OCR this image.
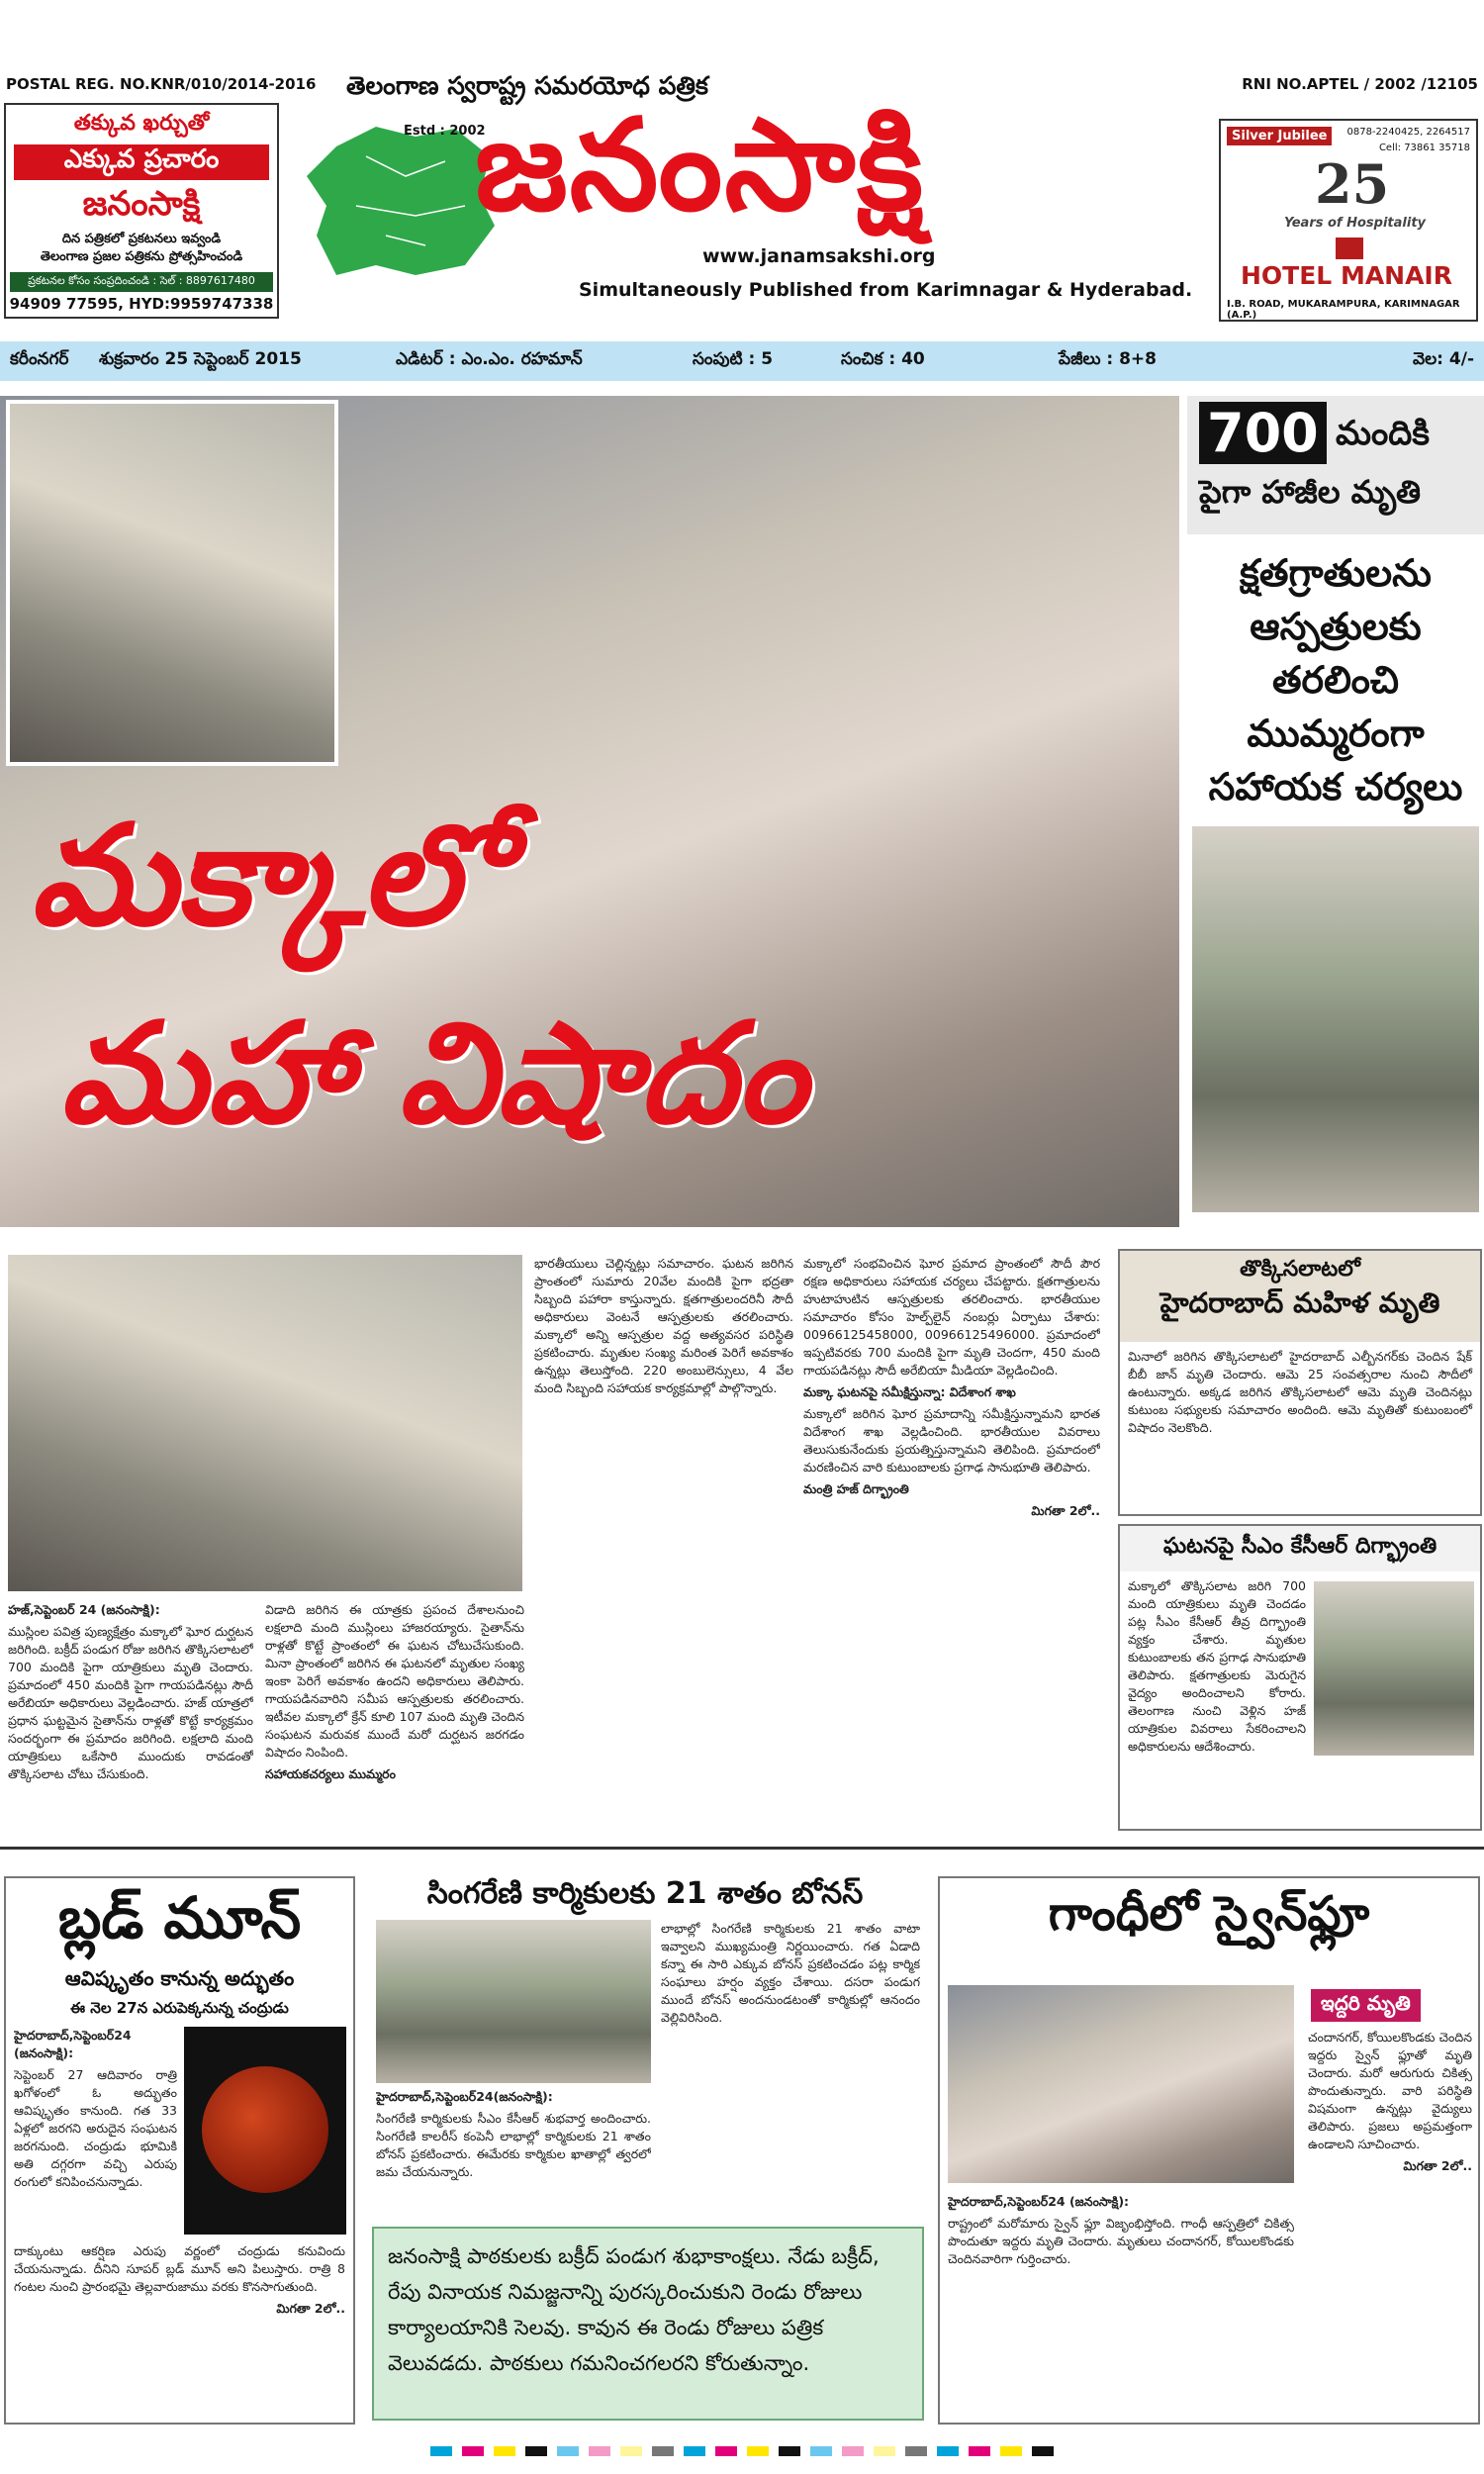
POSTAL REG. NO.KNR/010/2014-2016	RNI NO.APTEL / 2002 /12105
తక్కువ ఖర్చుతో
ఎక్కువ ప్రచారం
జనంసాక్షి
దిన పత్రికలో ప్రకటనలు ఇవ్వండి
తెలంగాణ ప్రజల పత్రికను ప్రోత్సహించండి
ప్రకటనల కోసం సంప్రదించండి : సెల్ : 8897617480
94909 77595, HYD:9959747338
తెలంగాణ స్వరాష్ట్ర సమరయోధ పత్రిక
Estd : 2002
జనంసాక్షి
www.janamsakshi.org
Simultaneously Published from Karimnagar & Hyderabad.
Silver Jubilee	0878-2240425, 2264517
Cell: 73861 35718
25
Years of Hospitality
HOTEL MANAIR
I.B. ROAD, MUKARAMPURA, KARIMNAGAR (A.P.)
కరీంనగర్	శుక్రవారం 25 సెప్టెంబర్ 2015	ఎడిటర్ : ఎం.ఎం. రహమాన్	సంపుటి : 5	సంచిక : 40	పేజీలు : 8+8	వెల: 4/-
మక్కాలో
మహా విషాదం
700 మందికి
పైగా హాజీల మృతి
క్షతగ్రాతులను ఆస్పత్రులకు తరలించి ముమ్మరంగా సహాయక చర్యలు

హజ్,సెప్టెంబర్ 24 (జనంసాక్షి):

ముస్లింల పవిత్ర పుణ్యక్షేత్రం మక్కాలో ఘోర దుర్ఘటన జరిగింది. బక్రీద్ పండుగ రోజు జరిగిన తొక్కిసలాటలో 700 మందికి పైగా యాత్రికులు మృతి చెందారు. ప్రమాదంలో 450 మందికి పైగా గాయపడినట్లు సౌదీ అరేబియా అధికారులు వెల్లడించారు. హజ్ యాత్రలో ప్రధాన ఘట్టమైన సైతాన్‌ను రాళ్లతో కొట్టే కార్యక్రమం సందర్భంగా ఈ ప్రమాదం జరిగింది. లక్షలాది మంది యాత్రికులు ఒకేసారి ముందుకు రావడంతో తొక్కిసలాట చోటు చేసుకుంది.

విడాది జరిగిన ఈ యాత్రకు ప్రపంచ దేశాలనుంచి లక్షలాది మంది ముస్లింలు హాజరయ్యారు. సైతాన్‌ను రాళ్లతో కొట్టే ప్రాంతంలో ఈ ఘటన చోటుచేసుకుంది. మినా ప్రాంతంలో జరిగిన ఈ ఘటనలో మృతుల సంఖ్య ఇంకా పెరిగే అవకాశం ఉందని అధికారులు తెలిపారు. గాయపడినవారిని సమీప ఆస్పత్రులకు తరలించారు. ఇటీవల మక్కాలో క్రేన్ కూలి 107 మంది మృతి చెందిన సంఘటన మరువక ముందే మరో దుర్ఘటన జరగడం విషాదం నింపింది.

సహాయకచర్యలు ముమ్మరం

భారతీయులు చెల్లిన్నట్లు సమాచారం. ఘటన జరిగిన ప్రాంతంలో సుమారు 20వేల మందికి పైగా భద్రతా సిబ్బంది పహారా కాస్తున్నారు. క్షతగాత్రులందరినీ సౌదీ అధికారులు వెంటనే ఆస్పత్రులకు తరలించారు. మక్కాలో అన్ని ఆస్పత్రుల వద్ద అత్యవసర పరిస్థితి ప్రకటించారు. మృతుల సంఖ్య మరింత పెరిగే అవకాశం ఉన్నట్లు తెలుస్తోంది. 220 అంబులెన్సులు, 4 వేల మంది సిబ్బంది సహాయక కార్యక్రమాల్లో పాల్గొన్నారు.

మక్కాలో సంభవించిన ఘోర ప్రమాద ప్రాంతంలో సౌదీ పౌర రక్షణ అధికారులు సహాయక చర్యలు చేపట్టారు. క్షతగాత్రులను హుటాహుటిన ఆస్పత్రులకు తరలించారు. భారతీయుల సమాచారం కోసం హెల్ప్‌లైన్ నంబర్లు ఏర్పాటు చేశారు: 00966125458000, 00966125496000. ప్రమాదంలో ఇప్పటివరకు 700 మందికి పైగా మృతి చెందగా, 450 మంది గాయపడినట్లు సౌదీ అరేబియా మీడియా వెల్లడించింది.

మక్కా ఘటనపై సమీక్షిస్తున్నా: విదేశాంగ శాఖ

మక్కాలో జరిగిన ఘోర ప్రమాదాన్ని సమీక్షిస్తున్నామని భారత విదేశాంగ శాఖ వెల్లడించింది. భారతీయుల వివరాలు తెలుసుకునేందుకు ప్రయత్నిస్తున్నామని తెలిపింది. ప్రమాదంలో మరణించిన వారి కుటుంబాలకు ప్రగాఢ సానుభూతి తెలిపారు.

మంత్రి హజ్ దిగ్భ్రాంతి

మిగతా 2లో..

తొక్కిసలాటలో
హైదరాబాద్ మహిళ మృతి
మినాలో జరిగిన తొక్కిసలాటలో హైదరాబాద్ ఎల్బీనగర్‌కు చెందిన షేక్ బీబీ జాన్ మృతి చెందారు. ఆమె 25 సంవత్సరాల నుంచి సౌదీలో ఉంటున్నారు. అక్కడ జరిగిన తొక్కిసలాటలో ఆమె మృతి చెందినట్లు కుటుంబ సభ్యులకు సమాచారం అందింది. ఆమె మృతితో కుటుంబంలో విషాదం నెలకొంది.
ఘటనపై సీఎం కేసీఆర్ దిగ్భ్రాంతి
మక్కాలో తొక్కిసలాట జరిగి 700 మంది యాత్రికులు మృతి చెందడం పట్ల సీఎం కేసీఆర్ తీవ్ర దిగ్భ్రాంతి వ్యక్తం చేశారు. మృతుల కుటుంబాలకు తన ప్రగాఢ సానుభూతి తెలిపారు. క్షతగాత్రులకు మెరుగైన వైద్యం అందించాలని కోరారు. తెలంగాణ నుంచి వెళ్లిన హజ్ యాత్రికుల వివరాలు సేకరించాలని అధికారులను ఆదేశించారు.
బ్లడ్ మూన్
ఆవిష్కృతం కానున్న అద్భుతం
ఈ నెల 27న ఎరుపెక్కనున్న చంద్రుడు

హైదరాబాద్,సెప్టెంబర్24 (జనంసాక్షి):

సెప్టెంబర్ 27 ఆదివారం రాత్రి ఖగోళంలో ఓ అద్భుతం ఆవిష్కృతం కానుంది. గత 33 ఏళ్లలో జరగని అరుదైన సంఘటన జరగనుంది. చంద్రుడు భూమికి అతి దగ్గరగా వచ్చి ఎరుపు రంగులో కనిపించనున్నాడు.

దాక్కుంటు ఆకర్షిణ ఎరుపు వర్ణంలో చంద్రుడు కనువిందు చేయనున్నాడు. దీనిని సూపర్ బ్లడ్ మూన్ అని పిలుస్తారు. రాత్రి 8 గంటల నుంచి ప్రారంభమై తెల్లవారుజాము వరకు కొనసాగుతుంది.

మిగతా 2లో..

సింగరేణి కార్మికులకు 21 శాతం బోనస్

హైదరాబాద్,సెప్టెంబర్24(జనంసాక్షి):

సింగరేణి కార్మికులకు సీఎం కేసీఆర్ శుభవార్త అందించారు. సింగరేణి కాలరీస్ కంపెనీ లాభాల్లో కార్మికులకు 21 శాతం బోనస్ ప్రకటించారు. ఈమేరకు కార్మికుల ఖాతాల్లో త్వరలో జమ చేయనున్నారు.

లాభాల్లో సింగరేణి కార్మికులకు 21 శాతం వాటా ఇవ్వాలని ముఖ్యమంత్రి నిర్ణయించారు. గత ఏడాది కన్నా ఈ సారి ఎక్కువ బోనస్ ప్రకటించడం పట్ల కార్మిక సంఘాలు హర్షం వ్యక్తం చేశాయి. దసరా పండుగ ముందే బోనస్ అందనుండటంతో కార్మికుల్లో ఆనందం వెల్లివిరిసింది.

జనంసాక్షి పాఠకులకు బక్రీద్ పండుగ శుభాకాంక్షలు. నేడు బక్రీద్, రేపు వినాయక నిమజ్జనాన్ని పురస్కరించుకుని రెండు రోజులు కార్యాలయానికి సెలవు. కావున ఈ రెండు రోజులు పత్రిక వెలువడదు. పాఠకులు గమనించగలరని కోరుతున్నాం.
గాంధీలో స్వైన్‌ఫ్లూ
ఇద్దరి మృతి

చందానగర్, కోయిలకొండకు చెందిన ఇద్దరు స్వైన్ ఫ్లూతో మృతి చెందారు. మరో ఆరుగురు చికిత్స పొందుతున్నారు. వారి పరిస్థితి విషమంగా ఉన్నట్లు వైద్యులు తెలిపారు. ప్రజలు అప్రమత్తంగా ఉండాలని సూచించారు.

మిగతా 2లో..

హైదరాబాద్,సెప్టెంబర్24 (జనంసాక్షి):

రాష్ట్రంలో మరోమారు స్వైన్ ఫ్లూ విజృంభిస్తోంది. గాంధీ ఆస్పత్రిలో చికిత్స పొందుతూ ఇద్దరు మృతి చెందారు. మృతులు చందానగర్, కోయిలకొండకు చెందినవారిగా గుర్తించారు.
